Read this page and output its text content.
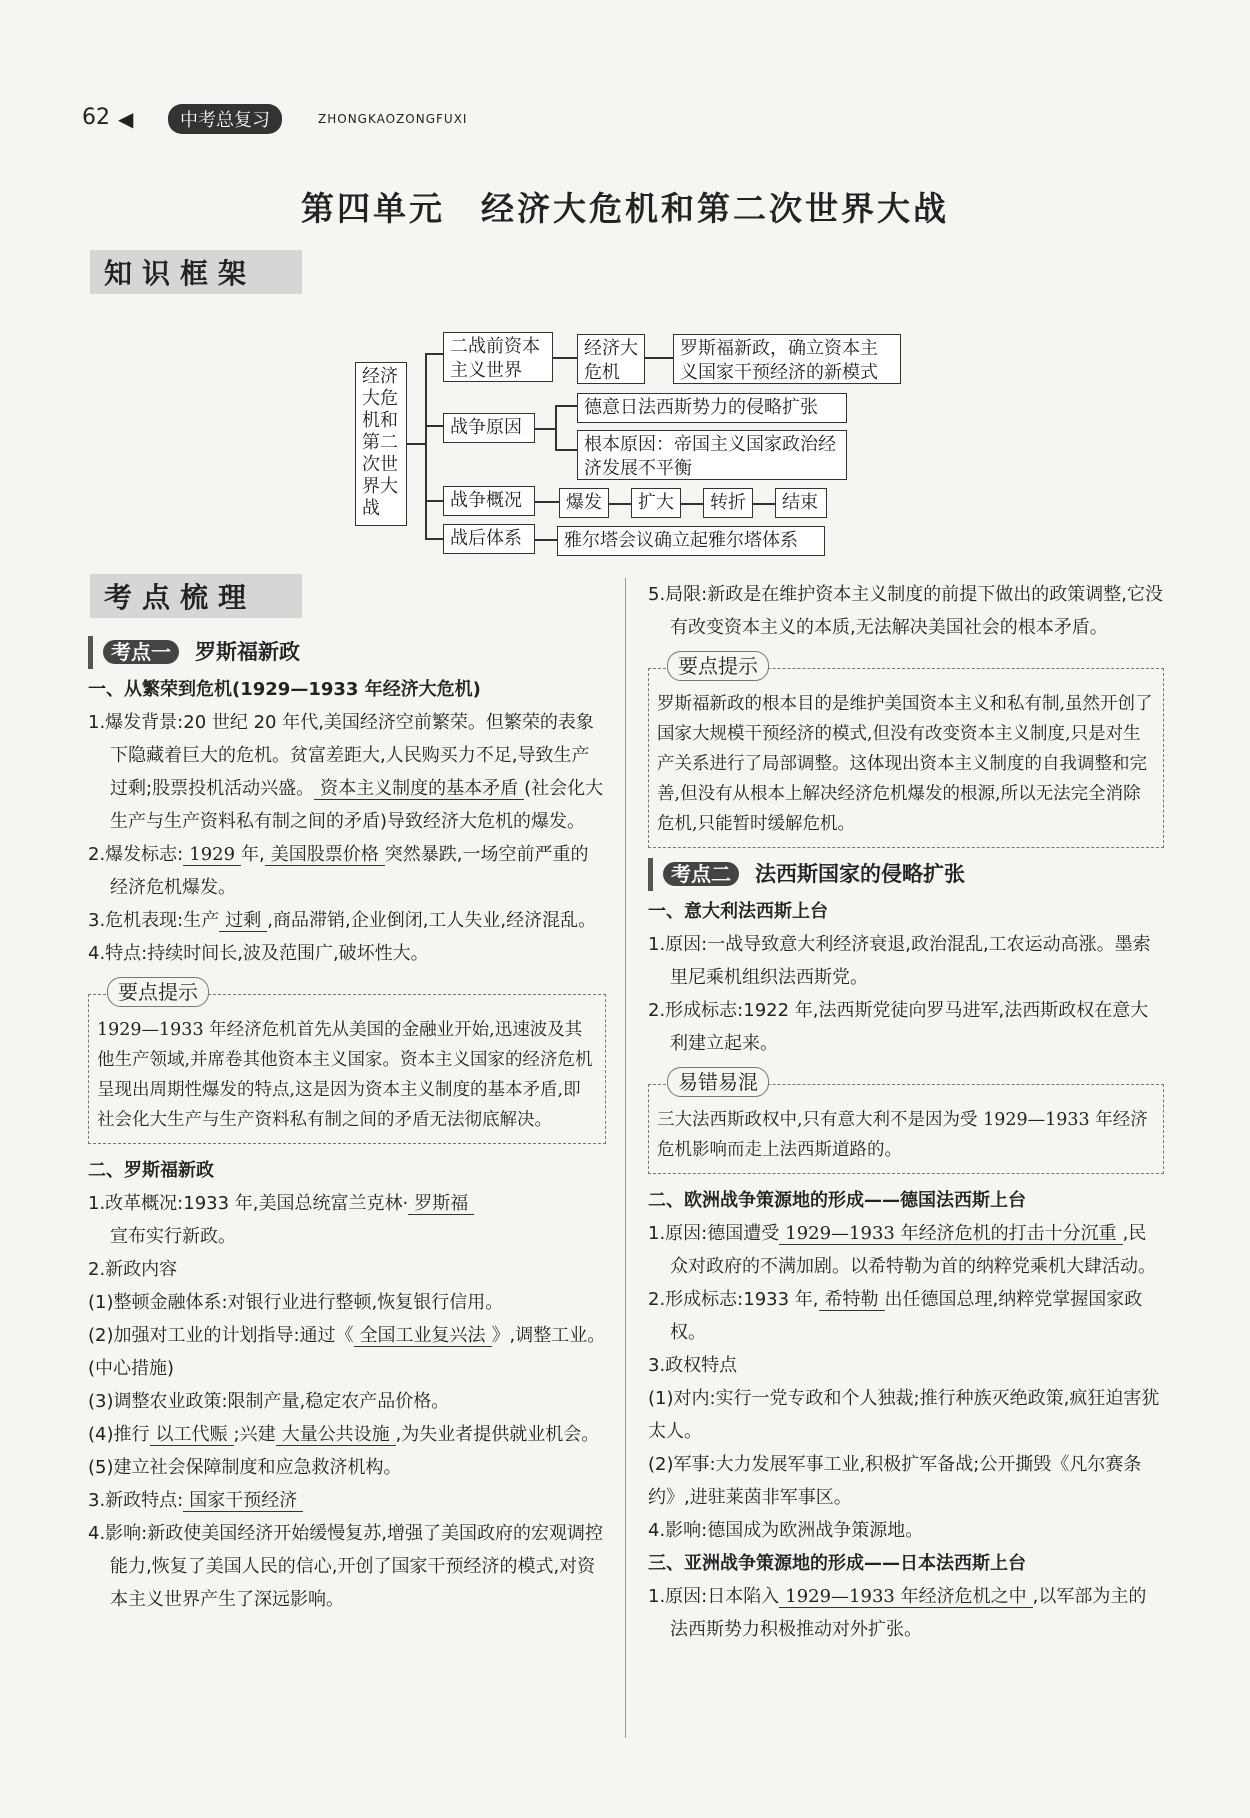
62 ◀	中考总复习	ZHONGKAOZONGFUXI
第四单元　经济大危机和第二次世界大战
知识框架
经济大危机和第二次世界大战
二战前资本主义世界
经济大危机
罗斯福新政，确立资本主义国家干预经济的新模式
战争原因
德意日法西斯势力的侵略扩张
根本原因：帝国主义国家政治经济发展不平衡
战争概况	爆发	扩大	转折	结束
战后体系	雅尔塔会议确立起雅尔塔体系
考点梳理
考点一 罗斯福新政

一、从繁荣到危机(1929—1933 年经济大危机)

1.爆发背景:20 世纪 20 年代,美国经济空前繁荣。但繁荣的表象下隐藏着巨大的危机。贫富差距大,人民购买力不足,导致生产过剩;股票投机活动兴盛。 资本主义制度的基本矛盾 (社会化大生产与生产资料私有制之间的矛盾)导致经济大危机的爆发。

2.爆发标志: 1929 年, 美国股票价格 突然暴跌,一场空前严重的经济危机爆发。

3.危机表现:生产 过剩 ,商品滞销,企业倒闭,工人失业,经济混乱。

4.特点:持续时间长,波及范围广,破坏性大。

要点提示
1929—1933 年经济危机首先从美国的金融业开始,迅速波及其他生产领域,并席卷其他资本主义国家。资本主义国家的经济危机呈现出周期性爆发的特点,这是因为资本主义制度的基本矛盾,即社会化大生产与生产资料私有制之间的矛盾无法彻底解决。

二、罗斯福新政

1.改革概况:1933 年,美国总统富兰克林· 罗斯福
宣布实行新政。

2.新政内容

(1)整顿金融体系:对银行业进行整顿,恢复银行信用。

(2)加强对工业的计划指导:通过《 全国工业复兴法 》,调整工业。(中心措施)

(3)调整农业政策:限制产量,稳定农产品价格。

(4)推行 以工代赈 ;兴建 大量公共设施 ,为失业者提供就业机会。

(5)建立社会保障制度和应急救济机构。

3.新政特点: 国家干预经济

4.影响:新政使美国经济开始缓慢复苏,增强了美国政府的宏观调控能力,恢复了美国人民的信心,开创了国家干预经济的模式,对资本主义世界产生了深远影响。

5.局限:新政是在维护资本主义制度的前提下做出的政策调整,它没有改变资本主义的本质,无法解决美国社会的根本矛盾。

要点提示
罗斯福新政的根本目的是维护美国资本主义和私有制,虽然开创了国家大规模干预经济的模式,但没有改变资本主义制度,只是对生产关系进行了局部调整。这体现出资本主义制度的自我调整和完善,但没有从根本上解决经济危机爆发的根源,所以无法完全消除危机,只能暂时缓解危机。
考点二 法西斯国家的侵略扩张

一、意大利法西斯上台

1.原因:一战导致意大利经济衰退,政治混乱,工农运动高涨。墨索里尼乘机组织法西斯党。

2.形成标志:1922 年,法西斯党徒向罗马进军,法西斯政权在意大利建立起来。

易错易混
三大法西斯政权中,只有意大利不是因为受 1929—1933 年经济危机影响而走上法西斯道路的。

二、欧洲战争策源地的形成——德国法西斯上台

1.原因:德国遭受 1929—1933 年经济危机的打击十分沉重 ,民众对政府的不满加剧。以希特勒为首的纳粹党乘机大肆活动。

2.形成标志:1933 年, 希特勒 出任德国总理,纳粹党掌握国家政权。

3.政权特点

(1)对内:实行一党专政和个人独裁;推行种族灭绝政策,疯狂迫害犹太人。

(2)军事:大力发展军事工业,积极扩军备战;公开撕毁《凡尔赛条约》,进驻莱茵非军事区。

4.影响:德国成为欧洲战争策源地。

三、亚洲战争策源地的形成——日本法西斯上台

1.原因:日本陷入 1929—1933 年经济危机之中 ,以军部为主的法西斯势力积极推动对外扩张。
